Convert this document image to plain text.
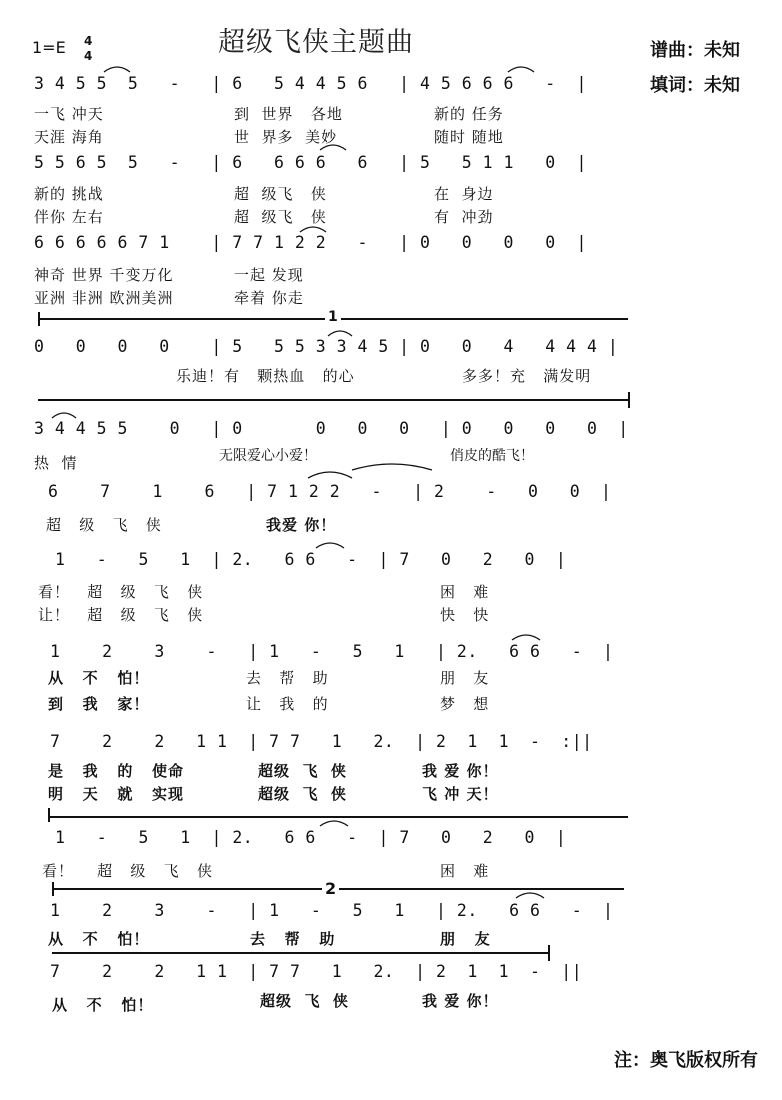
超级飞侠主题曲	谱曲：未知
填词：未知
1=E 4
4
3 4 5 5  5   -   | 6   5 4 4 5 6   | 4 5 6 6 6   -  |
一飞 冲天	到  世界   各地	新的 任务
天涯 海角	世  界多  美妙	随时 随地
5 5 6 5  5   -   | 6   6 6 6   6   | 5   5 1 1   0  |
新的 挑战	超  级飞   侠	在  身边
伴你 左右	超  级飞   侠	有  冲劲
6 6 6 6 6 7 1    | 7 7 1 2 2   -   | 0   0   0   0  |
神奇 世界 千变万化	一起 发现
亚洲 非洲 欧洲美洲	牵着 你走
1
0   0   0   0    | 5   5 5 3 3 4 5 | 0   0   4   4 4 4 |
乐迪！有   颗热血   的心	多多！充   满发明
3 4 4 5 5    0   | 0       0   0   0   | 0   0   0   0  |
热  情	无限爱心小爱！	俏皮的酷飞！
6    7    1    6   | 7 1 2 2   -   | 2    -   0   0  |
超   级   飞   侠	我爱 你！
1   -   5   1  | 2.   6 6   -  | 7   0   2   0  |
看！   超   级   飞   侠	困   难
让！   超   级   飞   侠	快   快
1    2    3    -   | 1   -   5   1   | 2.   6 6   -  |
从   不   怕！	去   帮   助	朋   友
到   我   家！	让   我   的	梦   想
7    2    2   1 1  | 7 7   1   2.  | 2  1  1  -  :||
是   我   的   使命	超级  飞  侠	我 爱 你！
明   天   就   实现	超级  飞  侠	飞 冲 天！
1   -   5   1  | 2.   6 6   -  | 7   0   2   0  |
看！    超   级   飞   侠	困   难
2
1    2    3    -   | 1   -   5   1   | 2.   6 6   -  |
从   不   怕！	去   帮   助	朋   友
7    2    2   1 1  | 7 7   1   2.  | 2  1  1  -  ||
从   不   怕！	超级  飞  侠	我 爱 你！
注：奥飞版权所有
